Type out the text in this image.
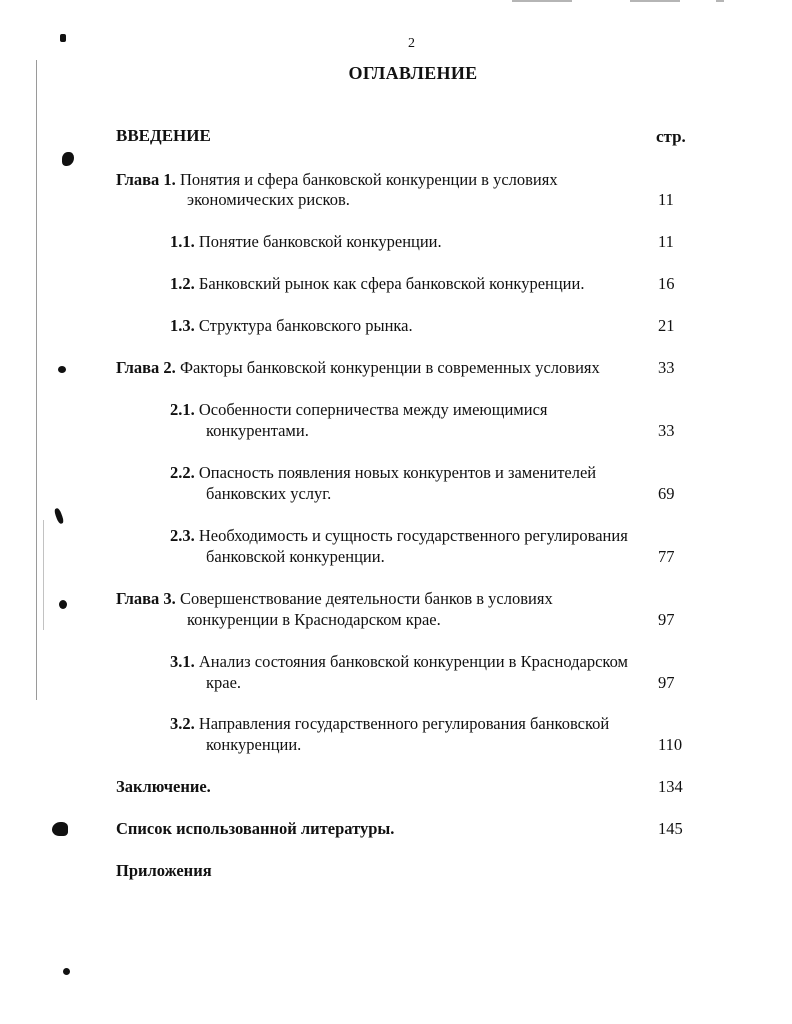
2
ОГЛАВЛЕНИЕ
ВВЕДЕНИЕ	стр.
Глава 1. Понятия и сфера банковской конкуренции в условиях
экономических рисков.	11
1.1. Понятие банковской конкуренции.	11
1.2. Банковский рынок как сфера банковской конкуренции.	16
1.3. Структура банковского рынка.	21
Глава 2. Факторы банковской конкуренции в современных условиях	33
2.1. Особенности соперничества между имеющимися
конкурентами.	33
2.2. Опасность появления новых конкурентов и заменителей
банковских услуг.	69
2.3. Необходимость и сущность государственного регулирования
банковской конкуренции.	77
Глава 3. Совершенствование деятельности банков в условиях
конкуренции в Краснодарском крае.	97
3.1. Анализ состояния банковской конкуренции в Краснодарском
крае.	97
3.2. Направления государственного регулирования банковской
конкуренции.	110
Заключение.	134
Список использованной литературы.	145
Приложения
